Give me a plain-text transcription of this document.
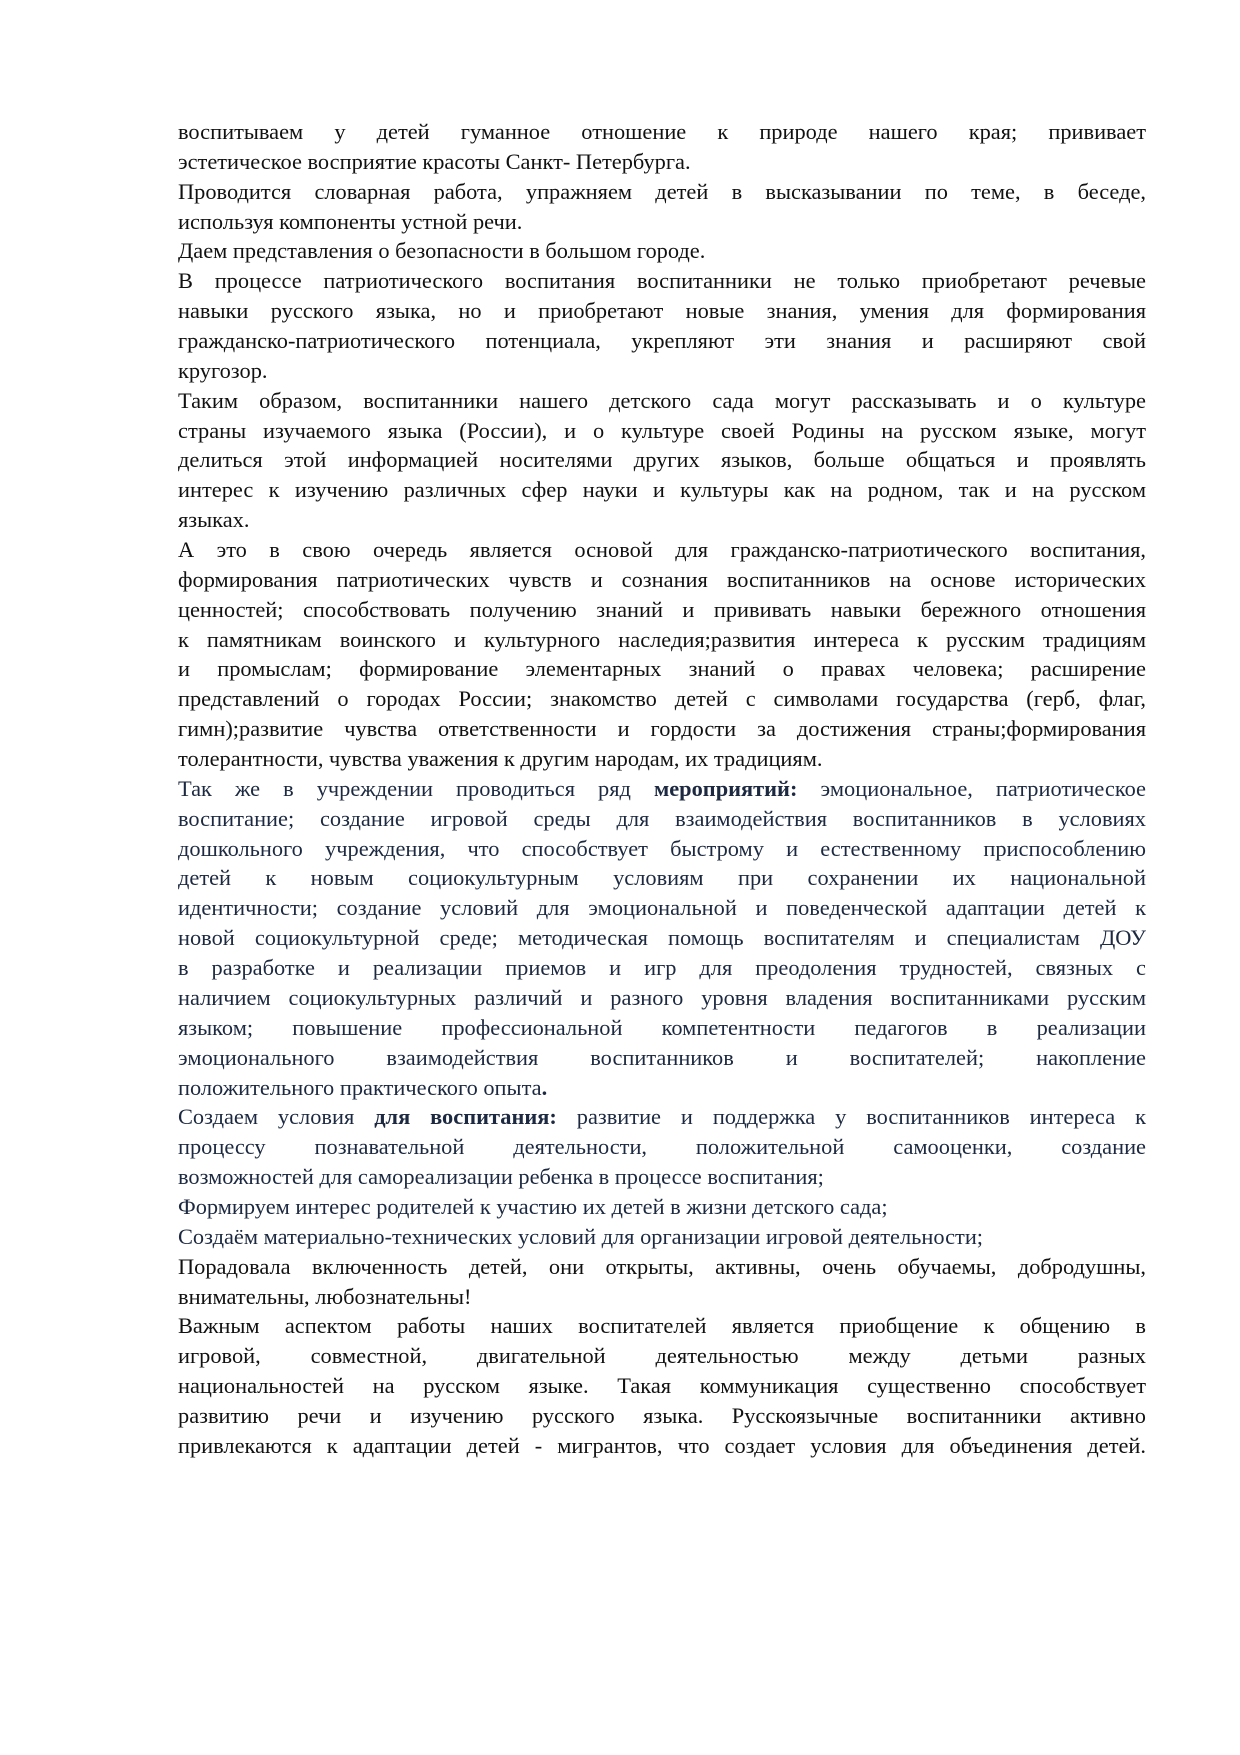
воспитываем у детей гуманное отношение к природе нашего края; прививает
эстетическое восприятие красоты Санкт- Петербурга.
Проводится словарная работа, упражняем детей в высказывании по теме, в беседе,
используя компоненты устной речи.
Даем представления о безопасности в большом городе.
В процессе патриотического воспитания воспитанники не только приобретают речевые
навыки русского языка, но и приобретают новые знания, умения для формирования
гражданско-патриотического потенциала, укрепляют эти знания и расширяют свой
кругозор.
Таким образом, воспитанники нашего детского сада могут рассказывать и о культуре
страны изучаемого языка (России), и о культуре своей Родины на русском языке, могут
делиться этой информацией носителями других языков, больше общаться и проявлять
интерес к изучению различных сфер науки и культуры как на родном, так и на русском
языках.
А это в свою очередь является основой для гражданско-патриотического воспитания,
формирования патриотических чувств и сознания воспитанников на основе исторических
ценностей; способствовать получению знаний и прививать навыки бережного отношения
к памятникам воинского и культурного наследия;развития интереса к русским традициям
и промыслам; формирование элементарных знаний о правах человека; расширение
представлений о городах России; знакомство детей с символами государства (герб, флаг,
гимн);развитие чувства ответственности и гордости за достижения страны;формирования
толерантности, чувства уважения к другим народам, их традициям.
Так же в учреждении проводиться ряд мероприятий: эмоциональное, патриотическое
воспитание; создание игровой среды для взаимодействия воспитанников в условиях
дошкольного учреждения, что способствует быстрому и естественному приспособлению
детей к новым социокультурным условиям при сохранении их национальной
идентичности; создание условий для эмоциональной и поведенческой адаптации детей к
новой социокультурной среде; методическая помощь воспитателям и специалистам ДОУ
в разработке и реализации приемов и игр для преодоления трудностей, связных с
наличием социокультурных различий и разного уровня владения воспитанниками русским
языком; повышение профессиональной компетентности педагогов в реализации
эмоционального взаимодействия воспитанников и воспитателей; накопление
положительного практического опыта.
Создаем условия для воспитания: развитие и поддержка у воспитанников интереса к
процессу познавательной деятельности, положительной самооценки, создание
возможностей для самореализации ребенка в процессе воспитания;
Формируем интерес родителей к участию их детей в жизни детского сада;
Создаём материально-технических условий для организации игровой деятельности;
Порадовала включенность детей, они открыты, активны, очень обучаемы, добродушны,
внимательны, любознательны!
Важным аспектом работы наших воспитателей является приобщение к общению в
игровой, совместной, двигательной деятельностью между детьми разных
национальностей на русском языке. Такая коммуникация существенно способствует
развитию речи и изучению русского языка. Русскоязычные воспитанники активно
привлекаются к адаптации детей - мигрантов, что создает условия для объединения детей.
